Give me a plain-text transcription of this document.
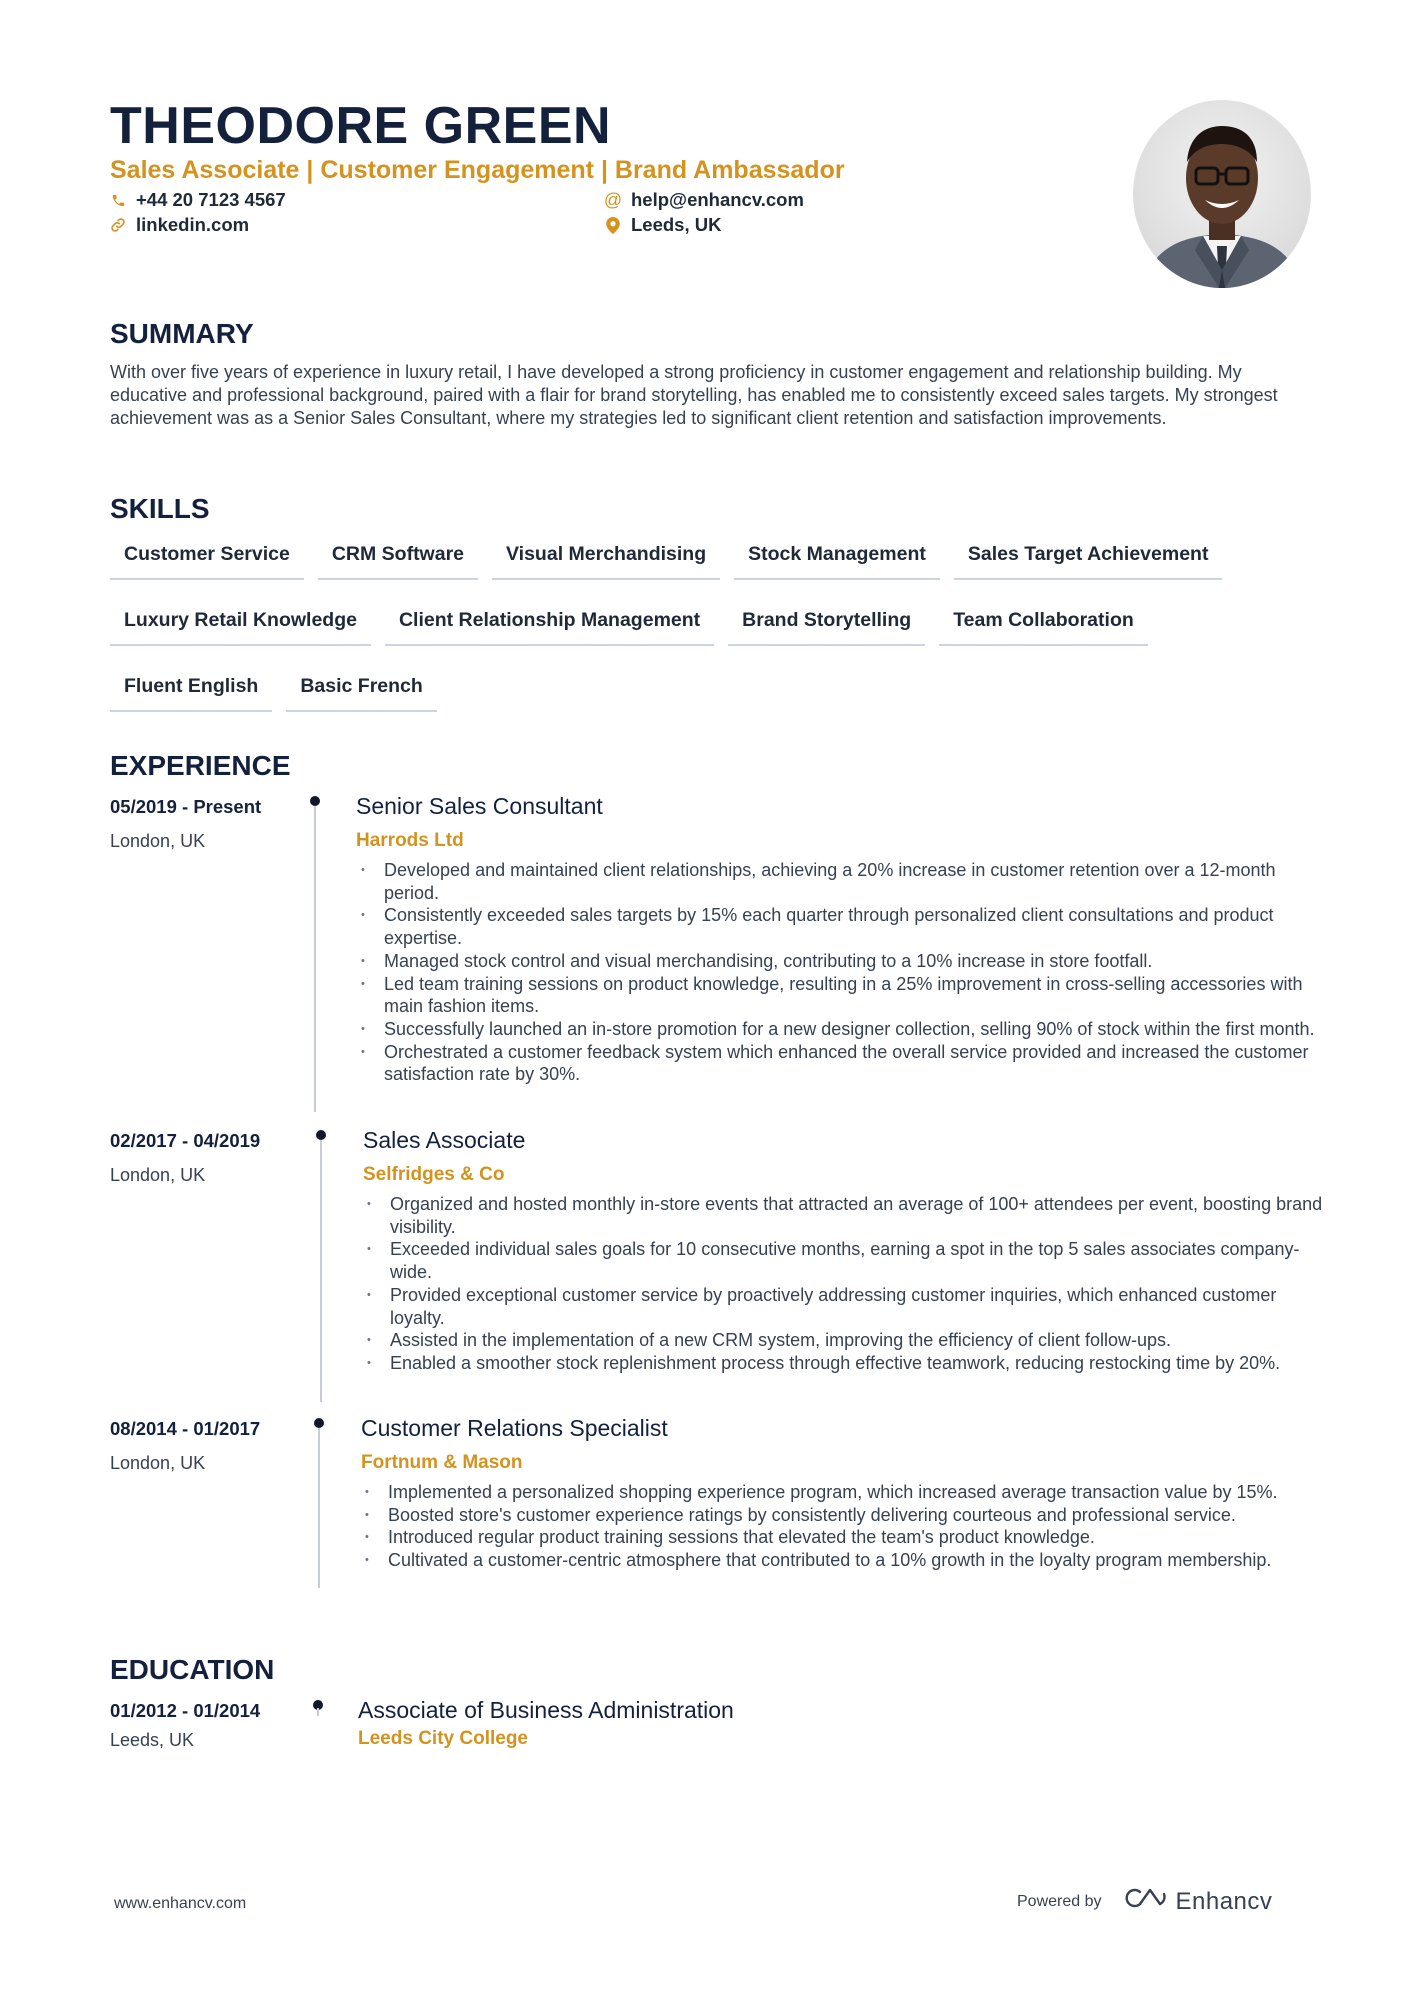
THEODORE GREEN
Sales Associate | Customer Engagement | Brand Ambassador
+44 20 7123 4567	@ help@enhancv.com
linkedin.com	Leeds, UK
SUMMARY

With over five years of experience in luxury retail, I have developed a strong proficiency in customer engagement and relationship building. My educative and professional background, paired with a flair for brand storytelling, has enabled me to consistently exceed sales targets. My strongest achievement was as a Senior Sales Consultant, where my strategies led to significant client retention and satisfaction improvements.

SKILLS
Customer Service	CRM Software	Visual Merchandising	Stock Management	Sales Target Achievement
Luxury Retail Knowledge	Client Relationship Management	Brand Storytelling	Team Collaboration
Fluent English	Basic French
EXPERIENCE
05/2019 - Present
London, UK
Senior Sales Consultant
Harrods Ltd
• Developed and maintained client relationships, achieving a 20% increase in customer retention over a 12-month period.
• Consistently exceeded sales targets by 15% each quarter through personalized client consultations and product expertise.
• Managed stock control and visual merchandising, contributing to a 10% increase in store footfall.
• Led team training sessions on product knowledge, resulting in a 25% improvement in cross-selling accessories with main fashion items.
• Successfully launched an in-store promotion for a new designer collection, selling 90% of stock within the first month.
• Orchestrated a customer feedback system which enhanced the overall service provided and increased the customer satisfaction rate by 30%.
02/2017 - 04/2019
London, UK
Sales Associate
Selfridges & Co
• Organized and hosted monthly in-store events that attracted an average of 100+ attendees per event, boosting brand visibility.
• Exceeded individual sales goals for 10 consecutive months, earning a spot in the top 5 sales associates company-wide.
• Provided exceptional customer service by proactively addressing customer inquiries, which enhanced customer loyalty.
• Assisted in the implementation of a new CRM system, improving the efficiency of client follow-ups.
• Enabled a smoother stock replenishment process through effective teamwork, reducing restocking time by 20%.
08/2014 - 01/2017
London, UK
Customer Relations Specialist
Fortnum & Mason
• Implemented a personalized shopping experience program, which increased average transaction value by 15%.
• Boosted store's customer experience ratings by consistently delivering courteous and professional service.
• Introduced regular product training sessions that elevated the team's product knowledge.
• Cultivated a customer-centric atmosphere that contributed to a 10% growth in the loyalty program membership.
EDUCATION
01/2012 - 01/2014
Leeds, UK
Associate of Business Administration
Leeds City College
www.enhancv.com	Powered by	Enhancv
